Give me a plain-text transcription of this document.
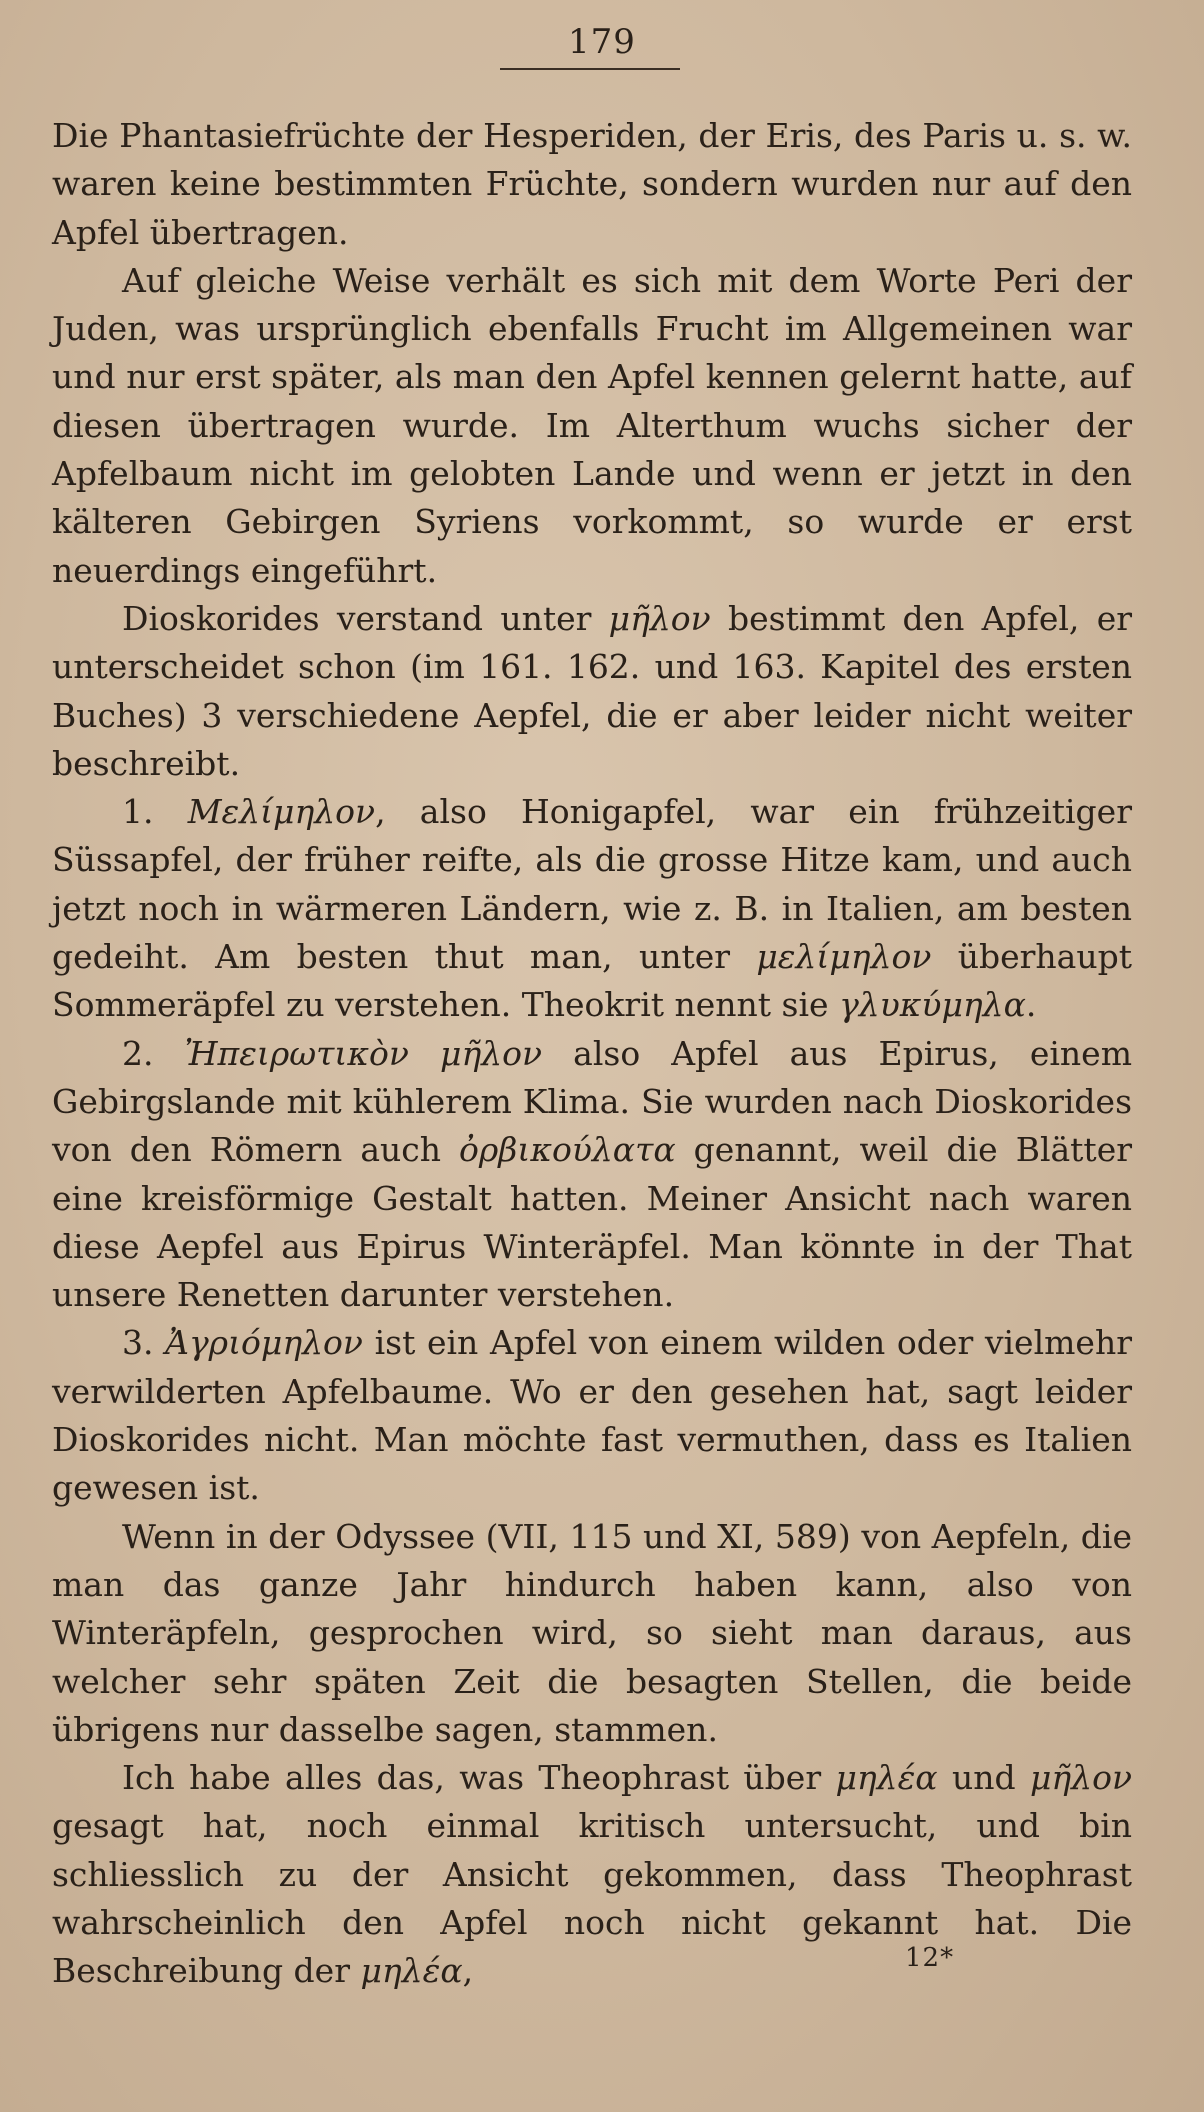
179

Die Phantasiefrüchte der Hesperiden, der Eris, des Paris u. s. w. waren keine bestimmten Früchte, sondern wurden nur auf den Apfel übertragen.

Auf gleiche Weise verhält es sich mit dem Worte Peri der Juden, was ursprünglich ebenfalls Frucht im Allgemeinen war und nur erst später, als man den Apfel kennen gelernt hatte, auf diesen übertragen wurde. Im Alterthum wuchs sicher der Apfelbaum nicht im gelobten Lande und wenn er jetzt in den kälteren Gebirgen Syriens vorkommt, so wurde er erst neuerdings eingeführt.

Dioskorides verstand unter μῆλον bestimmt den Apfel, er unterscheidet schon (im 161. 162. und 163. Kapitel des ersten Buches) 3 verschiedene Aepfel, die er aber leider nicht weiter beschreibt.

1. Μελίμηλον, also Honigapfel, war ein frühzeitiger Süssapfel, der früher reifte, als die grosse Hitze kam, und auch jetzt noch in wärmeren Ländern, wie z. B. in Italien, am besten gedeiht. Am besten thut man, unter μελίμηλον überhaupt Sommeräpfel zu verstehen. Theokrit nennt sie γλυκύμηλα.

2. Ἠπειρωτικὸν μῆλον also Apfel aus Epirus, einem Gebirgslande mit kühlerem Klima. Sie wurden nach Dioskorides von den Römern auch ὀρβικούλατα genannt, weil die Blätter eine kreisförmige Gestalt hatten. Meiner Ansicht nach waren diese Aepfel aus Epirus Winteräpfel. Man könnte in der That unsere Renetten darunter verstehen.

3. Ἀγριόμηλον ist ein Apfel von einem wilden oder vielmehr verwilderten Apfelbaume. Wo er den gesehen hat, sagt leider Dioskorides nicht. Man möchte fast vermuthen, dass es Italien gewesen ist.

Wenn in der Odyssee (VII, 115 und XI, 589) von Aepfeln, die man das ganze Jahr hindurch haben kann, also von Winteräpfeln, gesprochen wird, so sieht man daraus, aus welcher sehr späten Zeit die besagten Stellen, die beide übrigens nur dasselbe sagen, stammen.

Ich habe alles das, was Theophrast über μηλέα und μῆλον gesagt hat, noch einmal kritisch untersucht, und bin schliesslich zu der Ansicht gekommen, dass Theophrast wahrscheinlich den Apfel noch nicht gekannt hat. Die Beschreibung der μηλέα,	12*
